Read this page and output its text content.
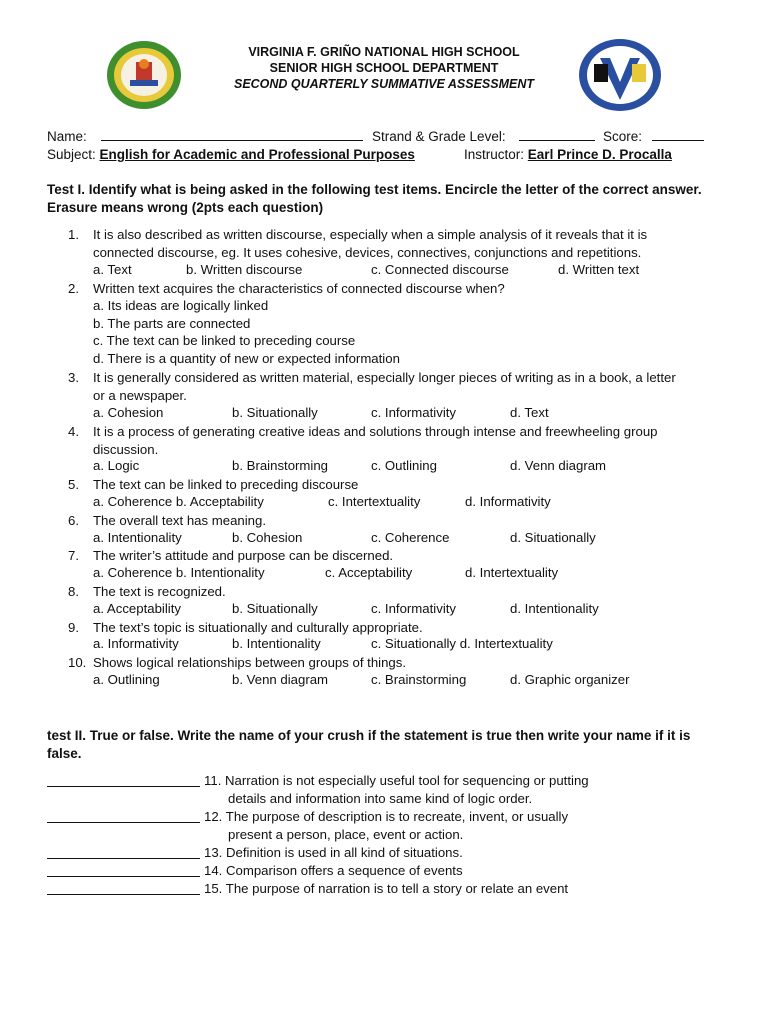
VIRGINIA F. GRIÑO NATIONAL HIGH SCHOOL
SENIOR HIGH SCHOOL DEPARTMENT
SECOND QUARTERLY SUMMATIVE ASSESSMENT
Name:	Strand & Grade Level:	Score:
Subject: English for Academic and Professional Purposes	Instructor: Earl Prince D. Procalla
Test I. Identify what is being asked in the following test items. Encircle the letter of the correct answer.
Erasure means wrong (2pts each question)
1.	It is also described as written discourse, especially when a simple analysis of it reveals that it is
connected discourse, eg. It uses cohesive, devices, connectives, conjunctions and repetitions.
a. Text	b. Written discourse	c. Connected discourse	d. Written text
2.	Written text acquires the characteristics of connected discourse when?
a. Its ideas are logically linked
b. The parts are connected
c. The text can be linked to preceding course
d. There is a quantity of new or expected information
3.	It is generally considered as written material, especially longer pieces of writing as in a book, a letter
or a newspaper.
a. Cohesion	b. Situationally	c. Informativity	d. Text
4.	It is a process of generating creative ideas and solutions through intense and freewheeling group
discussion.
a. Logic	b. Brainstorming	c. Outlining	d. Venn diagram
5.	The text can be linked to preceding discourse
a. Coherence b. Acceptability	c. Intertextuality	d. Informativity
6.	The overall text has meaning.
a. Intentionality	b. Cohesion	c. Coherence	d. Situationally
7.	The writer’s attitude and purpose can be discerned.
a. Coherence b. Intentionality	c. Acceptability	d. Intertextuality
8.	The text is recognized.
a. Acceptability	b. Situationally	c. Informativity	d. Intentionality
9.	The text’s topic is situationally and culturally appropriate.
a. Informativity	b. Intentionality	c. Situationally d. Intertextuality
10. Shows logical relationships between groups of things.
a. Outlining	b. Venn diagram	c. Brainstorming	d. Graphic organizer
test II. True or false. Write the name of your crush if the statement is true then write your name if it is
false.
11. Narration is not especially useful tool for sequencing or putting
details and information into same kind of logic order.
12. The purpose of description is to recreate, invent, or usually
present a person, place, event or action.
13. Definition is used in all kind of situations.
14. Comparison offers a sequence of events
15. The purpose of narration is to tell a story or relate an event
